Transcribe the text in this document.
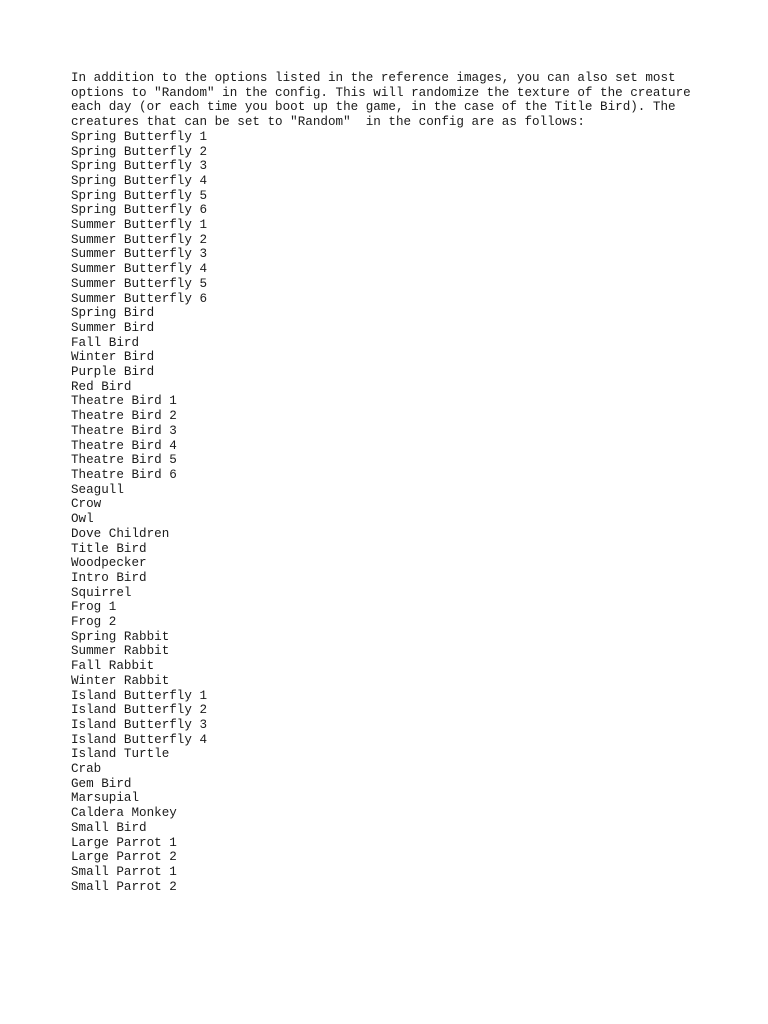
In addition to the options listed in the reference images, you can also set most

options to "Random" in the config. This will randomize the texture of the creature

each day (or each time you boot up the game, in the case of the Title Bird). The

creatures that can be set to "Random"  in the config are as follows:

Spring Butterfly 1
Spring Butterfly 2
Spring Butterfly 3
Spring Butterfly 4
Spring Butterfly 5
Spring Butterfly 6
Summer Butterfly 1
Summer Butterfly 2
Summer Butterfly 3
Summer Butterfly 4
Summer Butterfly 5
Summer Butterfly 6
Spring Bird
Summer Bird
Fall Bird
Winter Bird
Purple Bird
Red Bird
Theatre Bird 1
Theatre Bird 2
Theatre Bird 3
Theatre Bird 4
Theatre Bird 5
Theatre Bird 6
Seagull
Crow
Owl
Dove Children
Title Bird
Woodpecker
Intro Bird
Squirrel
Frog 1
Frog 2
Spring Rabbit
Summer Rabbit
Fall Rabbit
Winter Rabbit
Island Butterfly 1
Island Butterfly 2
Island Butterfly 3
Island Butterfly 4
Island Turtle
Crab
Gem Bird
Marsupial
Caldera Monkey
Small Bird
Large Parrot 1
Large Parrot 2
Small Parrot 1
Small Parrot 2
